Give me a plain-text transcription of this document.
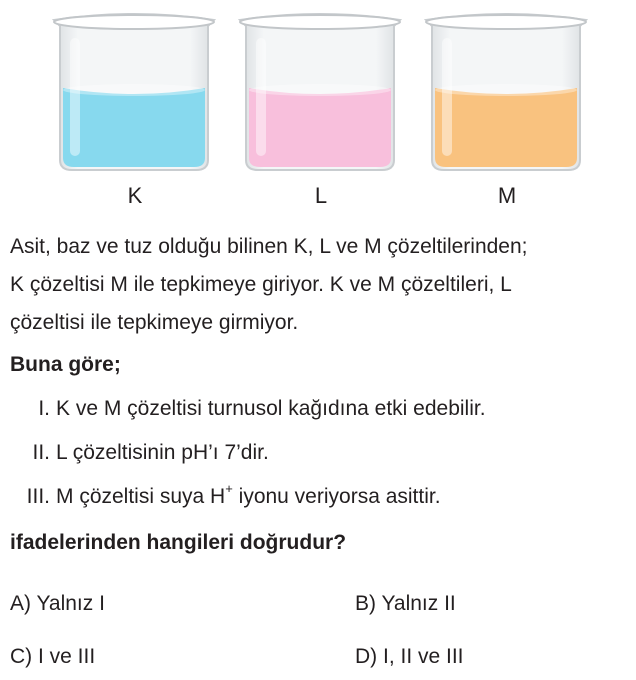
K	L	M
Asit, baz ve tuz olduğu bilinen K, L ve M çözeltilerinden;
K çözeltisi M ile tepkimeye giriyor. K ve M çözeltileri, L
çözeltisi ile tepkimeye girmiyor.
Buna göre;
I. K ve M çözeltisi turnusol kağıdına etki edebilir.
II. L çözeltisinin pH’ı 7’dir.
III. M çözeltisi suya H+ iyonu veriyorsa asittir.
ifadelerinden hangileri doğrudur?
A) Yalnız I	B) Yalnız II
C) I ve III	D) I, II ve III
